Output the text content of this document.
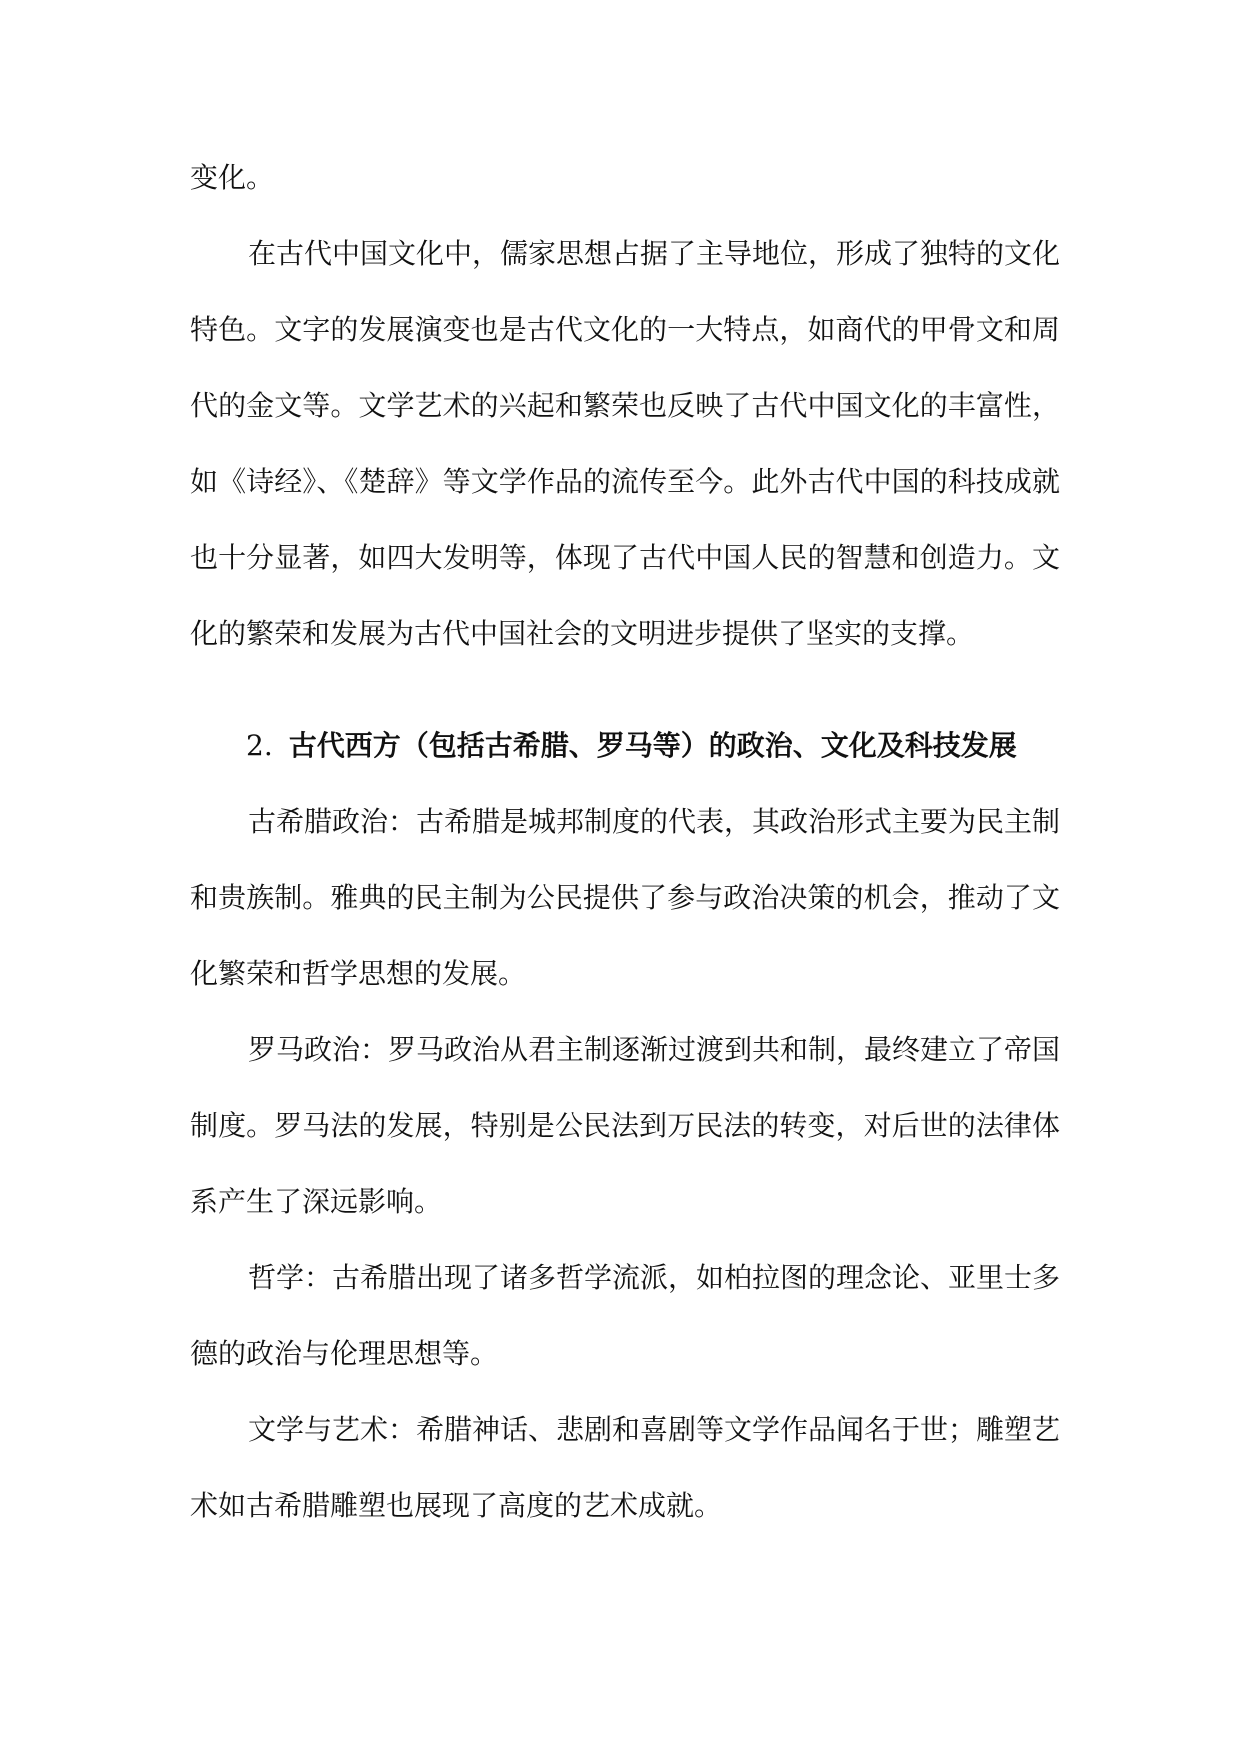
变化。

在古代中国文化中，儒家思想占据了主导地位，形成了独特的文化特色。文字的发展演变也是古代文化的一大特点，如商代的甲骨文和周代的金文等。文学艺术的兴起和繁荣也反映了古代中国文化的丰富性，如《诗经》、《楚辞》等文学作品的流传至今。此外古代中国的科技成就也十分显著，如四大发明等，体现了古代中国人民的智慧和创造力。文化的繁荣和发展为古代中国社会的文明进步提供了坚实的支撑。

2. 古代西方（包括古希腊、罗马等）的政治、文化及科技发展

古希腊政治：古希腊是城邦制度的代表，其政治形式主要为民主制和贵族制。雅典的民主制为公民提供了参与政治决策的机会，推动了文化繁荣和哲学思想的发展。

罗马政治：罗马政治从君主制逐渐过渡到共和制，最终建立了帝国制度。罗马法的发展，特别是公民法到万民法的转变，对后世的法律体系产生了深远影响。

哲学：古希腊出现了诸多哲学流派，如柏拉图的理念论、亚里士多德的政治与伦理思想等。

文学与艺术：希腊神话、悲剧和喜剧等文学作品闻名于世；雕塑艺术如古希腊雕塑也展现了高度的艺术成就。
